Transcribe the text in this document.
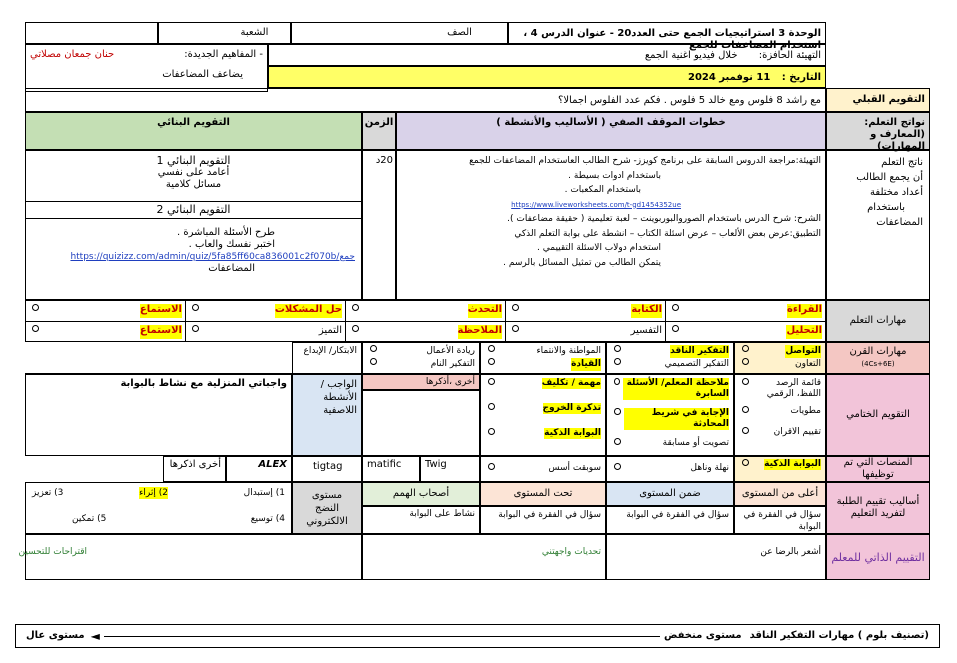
الوحدة 3 استراتيجيات الجمع حتى العدد20 - عنوان الدرس 4 ، استخدام المضاعفات للجمع
الصف
الشعبة
التهيئة الحافزة: خلال فيديو اغنية الجمع
- المفاهيم الجديدة:
حنان جمعان مصلاتي
يضاعف المضاعفات	التاريخ : 11 نوفمبر 2024
التقويم القبلي
مع راشد 8 فلوس ومع خالد 5 فلوس . فكم عدد الفلوس اجمالا؟
نواتج التعلم: (المعارف و المهارات)
خطوات الموقف الصفي ( الأساليب والأنشطة )
الزمن
التقويم البنائي
ناتج التعلم
أن يجمع الطالب
أعداد مختلفة
باستخدام
المضاعفات
التهيئة:مراجعة الدروس السابقة على برنامج كويزز- شرح الطالب العاستخدام المضاعفات للجمع
باستخدام ادوات بسيطة .
باستخدام المكعبات .
https://www.liveworksheets.com/t-gd1454352ue
الشرح: شرح الدرس باستخدام الصوروالبوربوينت – لعبة تعليمية ( حقيقة مضاعفات ).
التطبيق:عرض بعض الألعاب – عرض اسئلة الكتاب – انشطة على بوابة التعلم الذكي
استخدام دولاب الاسئلة التقييمي .
يتمكن الطالب من تمثيل المسائل بالرسم .
20د
التقويم البنائي 1
أعامد على نفسي
مسائل كلامية
التقويم البنائي 2
طرح الأسئلة المباشرة .
اختبر نفسك والعاب .
جمعhttps://quizizz.com/admin/quiz/5fa85ff60ca836001c2f070b/
المضاعفات
مهارات التعلم
القراءة
الكتابة
التحدث
حل المشكلات
الاستماع
التحليل
التفسير
الملاحظة
التميز
الاستماع
مهارات القرن
(4Cs+6E)
التواصل
التعاون
التفكير الناقد
التفكير التصميمي
المواطنة والانتماء
القيادة
ريادة الأعمال
التفكير النام
الابتكار/ الإبداع
التقويم الختامي
قائمة الرصد
اللفظ، الرقمي
مطويات
تقييم الاقران
ملاحظة المعلم/ الأسئلة السابرة
الإجابة في شريط المحادثة
تصويت أو مسابقة
مهمة / تكليف
تذكرة الخروج
البوابة الذكية
أخرى ،أذكرها
الواجب / الأنشطة اللاصفية
واجباتي المنزلية مع نشاط بالبوابة
المنصات التي تم توظيفها
البوابة الذكية
نهلة وناهل
سوبقت أسس
Twig
matific
tigtag
ALEX
أخرى اذكرها
أساليب تقييم الطلبة لتفريد التعليم
أعلى من المستوى
ضمن المستوى
تحت المستوى
أصحاب الهمم
سؤال في الفقرة في البوابة
سؤال في الفقرة في البوابة
سؤال في الفقرة في البوابة
نشاط على البوابة
مستوى النضج الالكتروني
1) إستبدال
2) إثراء
3) تعزيز
4) توسيع
5) تمكين
التقييم الذاتي للمعلم
أشعر بالرضا عن
تحديات واجهتني
اقتراحات للتحسين
(تصنيف بلوم ) مهارات التفكير الناقد
مستوى منخفض
◄
مستوى عال
